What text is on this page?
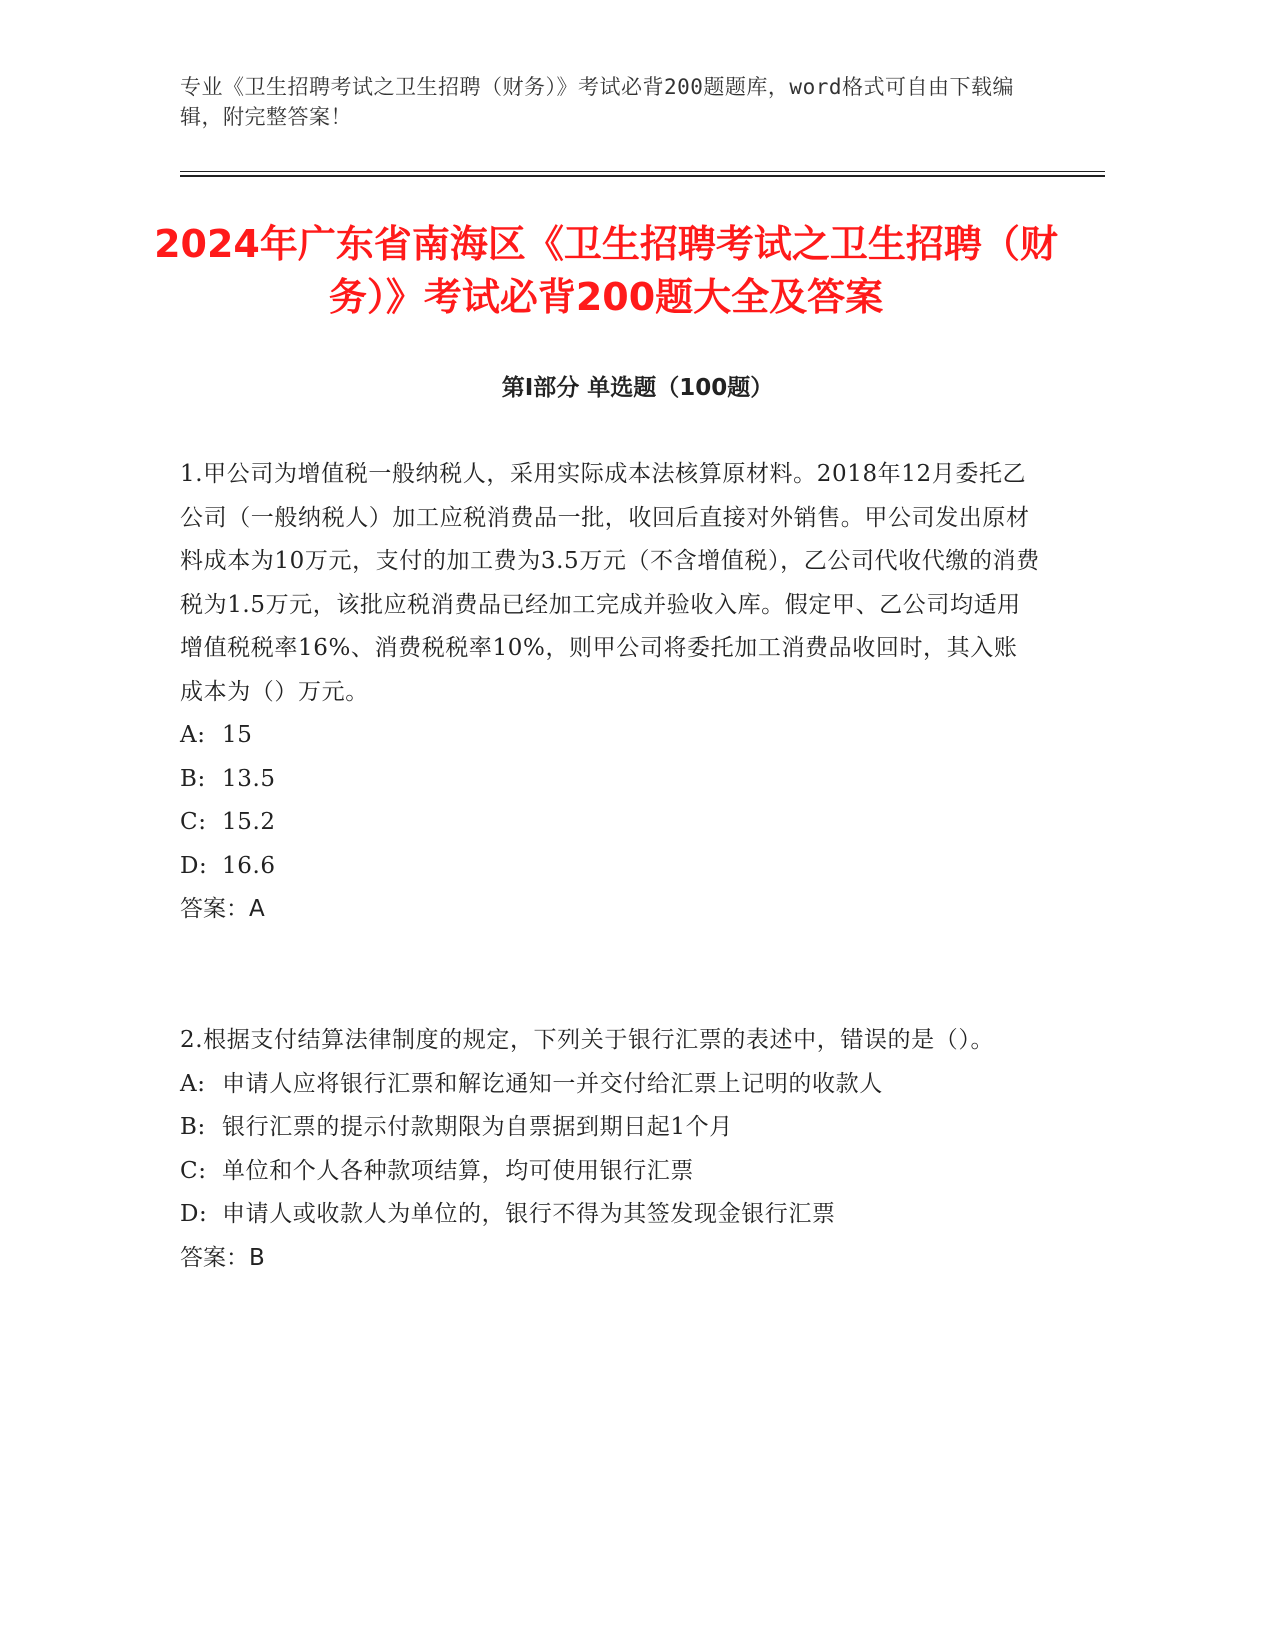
专业《卫生招聘考试之卫生招聘（财务）》考试必背200题题库，word格式可自由下载编辑，附完整答案！
2024年广东省南海区《卫生招聘考试之卫生招聘（财务）》考试必背200题大全及答案
第Ⅰ部分 单选题（100题）
1.甲公司为增值税一般纳税人，采用实际成本法核算原材料。2018年12月委托乙公司（一般纳税人）加工应税消费品一批，收回后直接对外销售。甲公司发出原材料成本为10万元，支付的加工费为3.5万元（不含增值税），乙公司代收代缴的消费税为1.5万元，该批应税消费品已经加工完成并验收入库。假定甲、乙公司均适用增值税税率16%、消费税税率10%，则甲公司将委托加工消费品收回时，其入账成本为（）万元。
A: 15
B: 13.5
C: 15.2
D: 16.6
答案：A
2.根据支付结算法律制度的规定，下列关于银行汇票的表述中，错误的是（）。
A: 申请人应将银行汇票和解讫通知一并交付给汇票上记明的收款人
B: 银行汇票的提示付款期限为自票据到期日起1个月
C: 单位和个人各种款项结算，均可使用银行汇票
D: 申请人或收款人为单位的，银行不得为其签发现金银行汇票
答案：B
